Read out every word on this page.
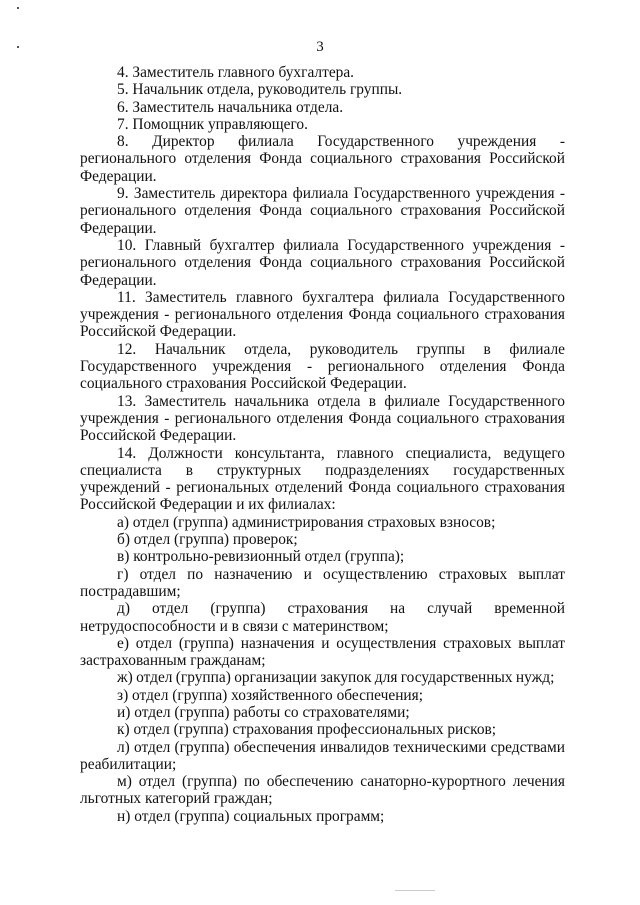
3

4. Заместитель главного бухгалтера.

5. Начальник отдела, руководитель группы.

6. Заместитель начальника отдела.

7. Помощник управляющего.

8. Директор филиала Государственного учреждения - регионального отделения Фонда социального страхования Российской Федерации.

9. Заместитель директора филиала Государственного учреждения - регионального отделения Фонда социального страхования Российской Федерации.

10. Главный бухгалтер филиала Государственного учреждения - регионального отделения Фонда социального страхования Российской Федерации.

11. Заместитель главного бухгалтера филиала Государственного учреждения - регионального отделения Фонда социального страхования Российской Федерации.

12. Начальник отдела, руководитель группы в филиале Государственного учреждения - регионального отделения Фонда социального страхования Российской Федерации.

13. Заместитель начальника отдела в филиале Государственного учреждения - регионального отделения Фонда социального страхования Российской Федерации.

14. Должности консультанта, главного специалиста, ведущего специалиста в структурных подразделениях государственных учреждений - региональных отделений Фонда социального страхования Российской Федерации и их филиалах:

а) отдел (группа) администрирования страховых взносов;

б) отдел (группа) проверок;

в) контрольно-ревизионный отдел (группа);

г) отдел по назначению и осуществлению страховых выплат пострадавшим;

д) отдел (группа) страхования на случай временной нетрудоспособности и в связи с материнством;

е) отдел (группа) назначения и осуществления страховых выплат застрахованным гражданам;

ж) отдел (группа) организации закупок для государственных нужд;

з) отдел (группа) хозяйственного обеспечения;

и) отдел (группа) работы со страхователями;

к) отдел (группа) страхования профессиональных рисков;

л) отдел (группа) обеспечения инвалидов техническими средствами реабилитации;

м) отдел (группа) по обеспечению санаторно-курортного лечения льготных категорий граждан;

н) отдел (группа) социальных программ;
